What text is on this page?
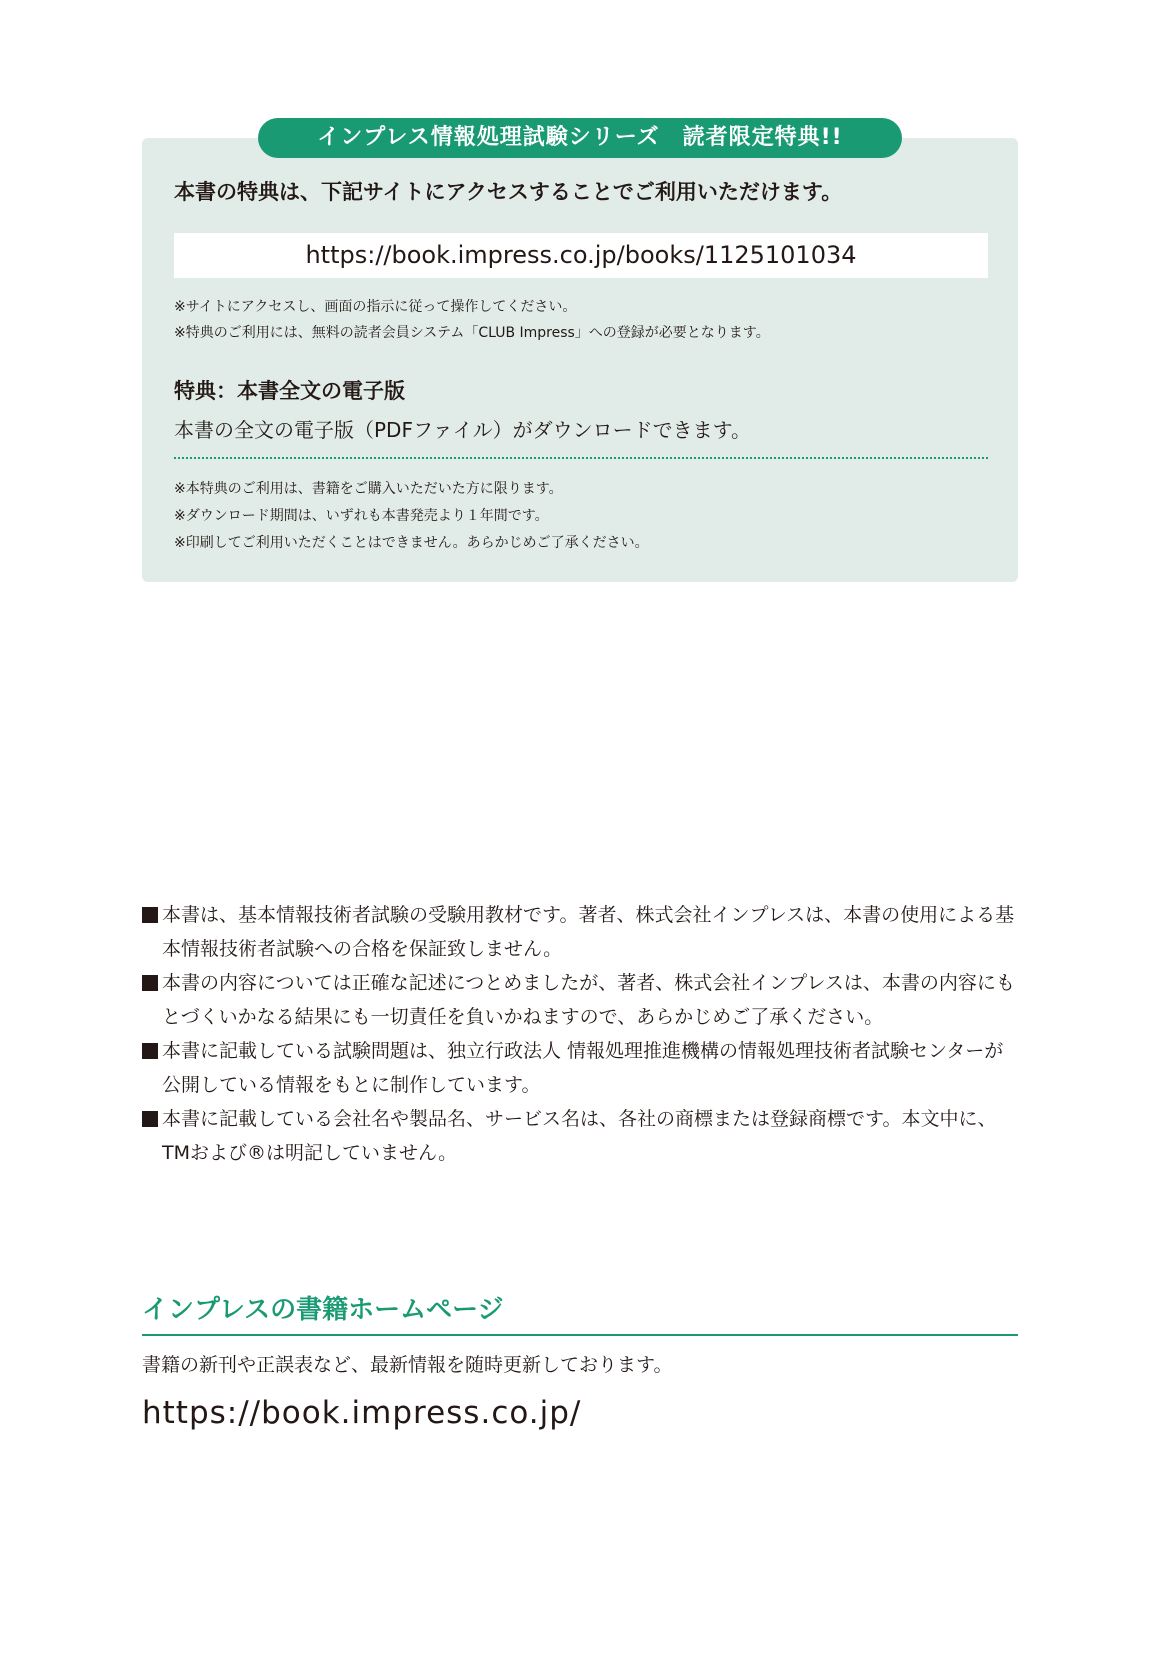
インプレス情報処理試験シリーズ　読者限定特典!!
本書の特典は、下記サイトにアクセスすることでご利用いただけます。
https://book.impress.co.jp/books/1125101034
※サイトにアクセスし、画面の指示に従って操作してください。
※特典のご利用には、無料の読者会員システム「CLUB Impress」への登録が必要となります。
特典：本書全文の電子版
本書の全文の電子版（PDFファイル）がダウンロードできます。
※本特典のご利用は、書籍をご購入いただいた方に限ります。
※ダウンロード期間は、いずれも本書発売より１年間です。
※印刷してご利用いただくことはできません。あらかじめご了承ください。
本書は、基本情報技術者試験の受験用教材です。著者、株式会社インプレスは、本書の使用による基本情報技術者試験への合格を保証致しません。
本書の内容については正確な記述につとめましたが、著者、株式会社インプレスは、本書の内容にもとづくいかなる結果にも一切責任を負いかねますので、あらかじめご了承ください。
本書に記載している試験問題は、独立行政法人 情報処理推進機構の情報処理技術者試験センターが公開している情報をもとに制作しています。
本書に記載している会社名や製品名、サービス名は、各社の商標または登録商標です。本文中に、TMおよび®は明記していません。
インプレスの書籍ホームページ
書籍の新刊や正誤表など、最新情報を随時更新しております。
https://book.impress.co.jp/
